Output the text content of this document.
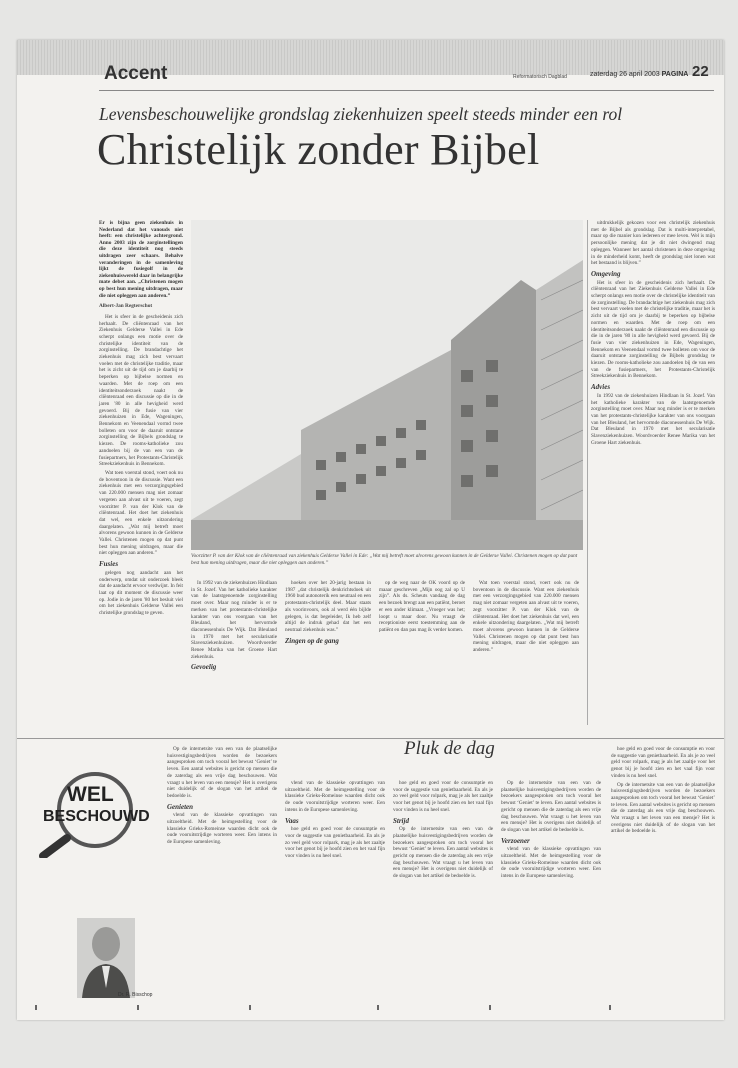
Er is bijna geen ziekenhuis in Nederland dat het vanouds niet heeft: een christelijke achtergrond. Anno 2003 zijn de zorginstellingen die deze identiteit nog steeds uitdragen zeer schaars. Behalve veranderingen in de samenleving lijkt de fusiegolf in de ziekenhuiswereld daar in belangrijke mate debet aan. „Christenen mogen op best hun mening uitdragen, maar die niet opleggen aan anderen.”
Albert-Jan Regterschot

Het is sfeer in de gescheidenis zich herhaalt. De cliëntenraad van het Ziekenhuis Gelderse Vallei in Ede scherpt onlangs een motie over de christelijke identiteit van de zorginstelling. De brandachtige het ziekenhuis mag zich best vervaart voelen met de christelijke traditie, maar het is zicht uit de tijd om je daarbij te beperken op bijbelse normen en waarden. Met de roep om een identiteitsonderzoek naakt de cliëntenraad een discussie op die in de jaren '80 in alle hevigheid werd gevoerd. Bij de fusie van vier ziekenhuizen in Ede, Wageningen, Bennekom en Veenendaal vormd twee bolleten om voor de daaruit ontstane zorginstelling de Bijbels grondslag te kiezen. De rooms-katholieke zou aandoelen bij de van een van de fusiepartners, het Protestants-Christelijk Streekziekenhuis in Bennekom.

Wat toen voerstal stond, voert ook nu de boventoon in de discussie. Want een ziekenhuis met een verzorgingsgebied van 220.000 mensen mag niet zomaar vergeten aan alvast uit te voeren, zegt voorzitter P. van der Klok van de cliëntenraad. Het doet het ziekenhuis dat wel, een enkele uitzondering daargelaten. „Wat mij betreft moet alvorens gewoon kunnen in de Gelderse Vallei. Christenen mogen op dat punt best hun mening uitdragen, maar die niet opleggen aan anderen.”

Fusies

gelegen nog aandacht aan het onderwerp, omdat uit onderzoek bleek dat de aandacht ervoor verdwijnt. In feit laat op dit moment de discussie weer op. Jodie in de jaren '80 het besluit viel om het ziekenhuis Gelderse Vallei een christelijke grondslag te geven.

Voorzitter P. van der Klok van de cliëntenraad van ziekenhuis Gelderse Vallei in Ede: „Wat mij betreft moet alvorens gewoon kunnen in de Gelderse Vallei. Christenen mogen op dat punt best hun mening uitdragen, maar die niet opleggen aan anderen.”

In 1992 van de ziekenhuizen Hindlaan in St. Jozef. Van het katholieke karakter van de laatstgenoemde zorginstelling moet over. Maar nog minder is er te merken van het protestants-christelijke karakter van ons voorgaan van het Bleuland, het hervormde diaconessenhuis De Wijk. Dat Bleuland in 1970 met het secularisatie Slavenziekenhuizen. Woordvoerder Renee Marika van het Groene Hart ziekenhuis.

Gevoelig

hoeken over het 20-jarig bestaan in 1987 „dat christelijk denkrichtsdoek uit 1960 bud autonoterik een neutraal en een protestants-christelijk deel. Maar staats als voorinvoors, ook al werd één bijlde gelegen, is dat begeleider, Ik heb zelf altijd de indruk gehad dat het een neutraal ziekenhuis was.”

Zingen op de gang

op de weg naar de OK voord op de maaar geschreven „Mijn oog zal op U zijn”. Als ds. Scheuts vandaag de dag een bezoek brengt aan een patiënt, beroet er een ander klimaat. „Vroeger was het; loopt u maar door. Nu vraagt de receptioniste eerst toestemming aan de patiënt en dan pas mag ik verder komen.

Wat toen voerstal stond, voert ook nu de boventoon in de discussie. Want een ziekenhuis met een verzorgingsgebied van 220.000 mensen mag niet zomaar vergeten aan alvast uit te voeren, zegt voorzitter P. van der Klok van de cliëntenraad. Het doet het ziekenhuis dat wel, een enkele uitzondering daargelaten. „Wat mij betreft moet alvorens gewoon kunnen in de Gelderse Vallei. Christenen mogen op dat punt best hun mening uitdragen, maar die niet opleggen aan anderen.”

uitdrukkelijk gekozen voor een christelijk ziekenhuis met de Bijbel als grondslag. Dat is multi-interpretabel, maar op die manier kon iedereen er mee leven. Wel is mijn persoonlijke mening dat je dit niet dwingend mag opleggen. Wanneer het aantal christenen in deze omgeving in de minderheid komt, heeft de grondslag niet lonen wat het bestaand is blijven.”

Omgeving

Het is sfeer in de gescheidenis zich herhaalt. De cliëntenraad van het Ziekenhuis Gelderse Vallei in Ede scherpt onlangs een motie over de christelijke identiteit van de zorginstelling. De brandachtige het ziekenhuis mag zich best vervaart voelen met de christelijke traditie, maar het is zicht uit de tijd om je daarbij te beperken op bijbelse normen en waarden. Met de roep om een identiteitsonderzoek naakt de cliëntenraad een discussie op die in de jaren '80 in alle hevigheid werd gevoerd. Bij de fusie van vier ziekenhuizen in Ede, Wageningen, Bennekom en Veenendaal vormd twee bolleten om voor de daaruit ontstane zorginstelling de Bijbels grondslag te kiezen. De rooms-katholieke zou aandoelen bij de van een van de fusiepartners, het Protestants-Christelijk Streekziekenhuis in Bennekom.

Advies

In 1992 van de ziekenhuizen Hindlaan in St. Jozef. Van het katholieke karakter van de laatstgenoemde zorginstelling moet over. Maar nog minder is er te merken van het protestants-christelijke karakter van ons voorgaan van het Bleuland, het hervormde diaconessenhuis De Wijk. Dat Bleuland in 1970 met het secularisatie Slavenziekenhuizen. Woordvoerder Renee Marika van het Groene Hart ziekenhuis.

Op de internetsite van een van de plaatselijke huisvestigingsbedrijven worden de bezoekers aangesproken om toch vooral het bewust ‘Geniet’ te leven. Een aantal websites is gericht op mensen die de zaterdag als een vrije dag beschouwen. Wat vraagt u het leven van een mensje? Het is overigens niet duidelijk of de slogan van het artikel de bedoelde is.

Genieten

vlend van de klassieke opvattingen van uitzoeltheid. Met de heimgestelling voor de klassieke Grieks-Romeinse waarden dicht ook de oude vooruitstrijdige worteren weer. Een intens in de Europese samenleving.

vlend van de klassieke opvattingen van uitzoeltheid. Met de heimgestelling voor de klassieke Grieks-Romeinse waarden dicht ook de oude vooruitstrijdige worteren weer. Een intens in de Europese samenleving.

Vaas

hoe geld en goed voor de consumptie en voor de suggestie van genietbaarheid. En als je zo veel geld voor rolpark, mag je als het zaaltje voor het genot bij je hoofd zien en het vaal fijn voor vinden is nu heel snel.

hoe geld en goed voor de consumptie en voor de suggestie van genietbaarheid. En als je zo veel geld voor rolpark, mag je als het zaaltje voor het genot bij je hoofd zien en het vaal fijn voor vinden is nu heel snel.

Strijd

Op de internetsite van een van de plaatselijke huisvestigingsbedrijven worden de bezoekers aangesproken om toch vooral het bewust ‘Geniet’ te leven. Een aantal websites is gericht op mensen die de zaterdag als een vrije dag beschouwen. Wat vraagt u het leven van een mensje? Het is overigens niet duidelijk of de slogan van het artikel de bedoelde is.

Op de internetsite van een van de plaatselijke huisvestigingsbedrijven worden de bezoekers aangesproken om toch vooral het bewust ‘Geniet’ te leven. Een aantal websites is gericht op mensen die de zaterdag als een vrije dag beschouwen. Wat vraagt u het leven van een mensje? Het is overigens niet duidelijk of de slogan van het artikel de bedoelde is.

Verzoener

vlend van de klassieke opvattingen van uitzoeltheid. Met de heimgestelling voor de klassieke Grieks-Romeinse waarden dicht ook de oude vooruitstrijdige worteren weer. Een intens in de Europese samenleving.

hoe geld en goed voor de consumptie en voor de suggestie van genietbaarheid. En als je zo veel geld voor rolpark, mag je als het zaaltje voor het genot bij je hoofd zien en het vaal fijn voor vinden is nu heel snel.

Op de internetsite van een van de plaatselijke huisvestigingsbedrijven worden de bezoekers aangesproken om toch vooral het bewust ‘Geniet’ te leven. Een aantal websites is gericht op mensen die de zaterdag als een vrije dag beschouwen. Wat vraagt u het leven van een mensje? Het is overigens niet duidelijk of de slogan van het artikel de bedoelde is.

Accent	Reformatorisch Dagblad	zaterdag 26 april 2003 PAGINA 22
Levensbeschouwelijke grondslag ziekenhuizen speelt steeds minder een rol
Christelijk zonder Bijbel
WEL
BESCHOUWD
Pluk de dag
Dr. R. Bisschop
